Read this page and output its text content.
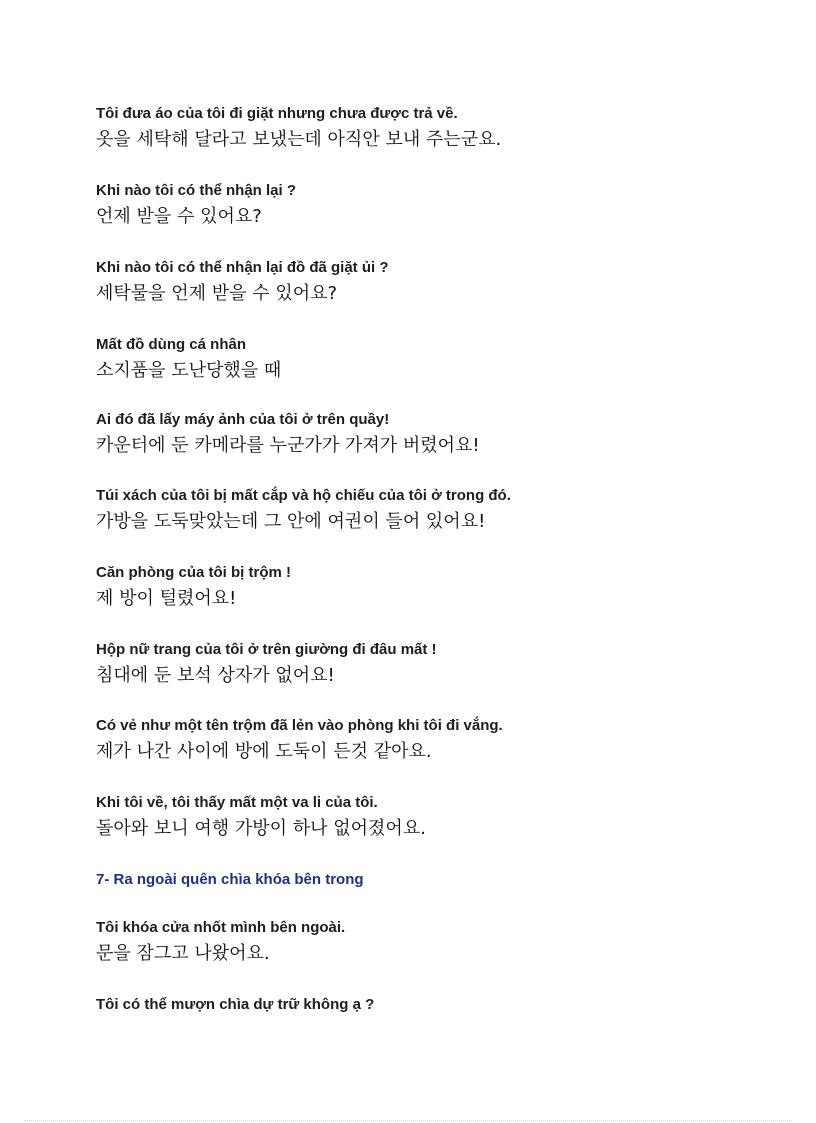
Tôi đưa áo của tôi đi giặt nhưng chưa được trả về.
옷을 세탁해 달라고 보냈는데 아직안 보내 주는군요.
Khi nào tôi có thể nhận lại ?
언제 받을 수 있어요?
Khi nào tôi có thể nhận lại đồ đã giặt ủi ?
세탁물을 언제 받을 수 있어요?
Mất đồ dùng cá nhân
소지품을 도난당했을 때
Ai đó đã lấy máy ảnh của tôi ở trên quầy!
카운터에 둔 카메라를 누군가가 가져가 버렸어요!
Túi xách của tôi bị mất cắp và hộ chiếu của tôi ở trong đó.
가방을 도둑맞았는데 그 안에 여권이 들어 있어요!
Căn phòng của tôi bị trộm !
제 방이 털렸어요!
Hộp nữ trang của tôi ở trên giường đi đâu mất !
침대에 둔 보석 상자가 없어요!
Có vẻ như một tên trộm đã lẻn vào phòng khi tôi đi vắng.
제가 나간 사이에 방에 도둑이 든것 같아요.
Khi tôi về, tôi thấy mất một va li của tôi.
돌아와 보니 여행 가방이 하나 없어졌어요.
7- Ra ngoài quên chìa khóa bên trong
Tôi khóa cửa nhốt mình bên ngoài.
문을 잠그고 나왔어요.
Tôi có thể mượn chìa dự trữ không ạ ?
